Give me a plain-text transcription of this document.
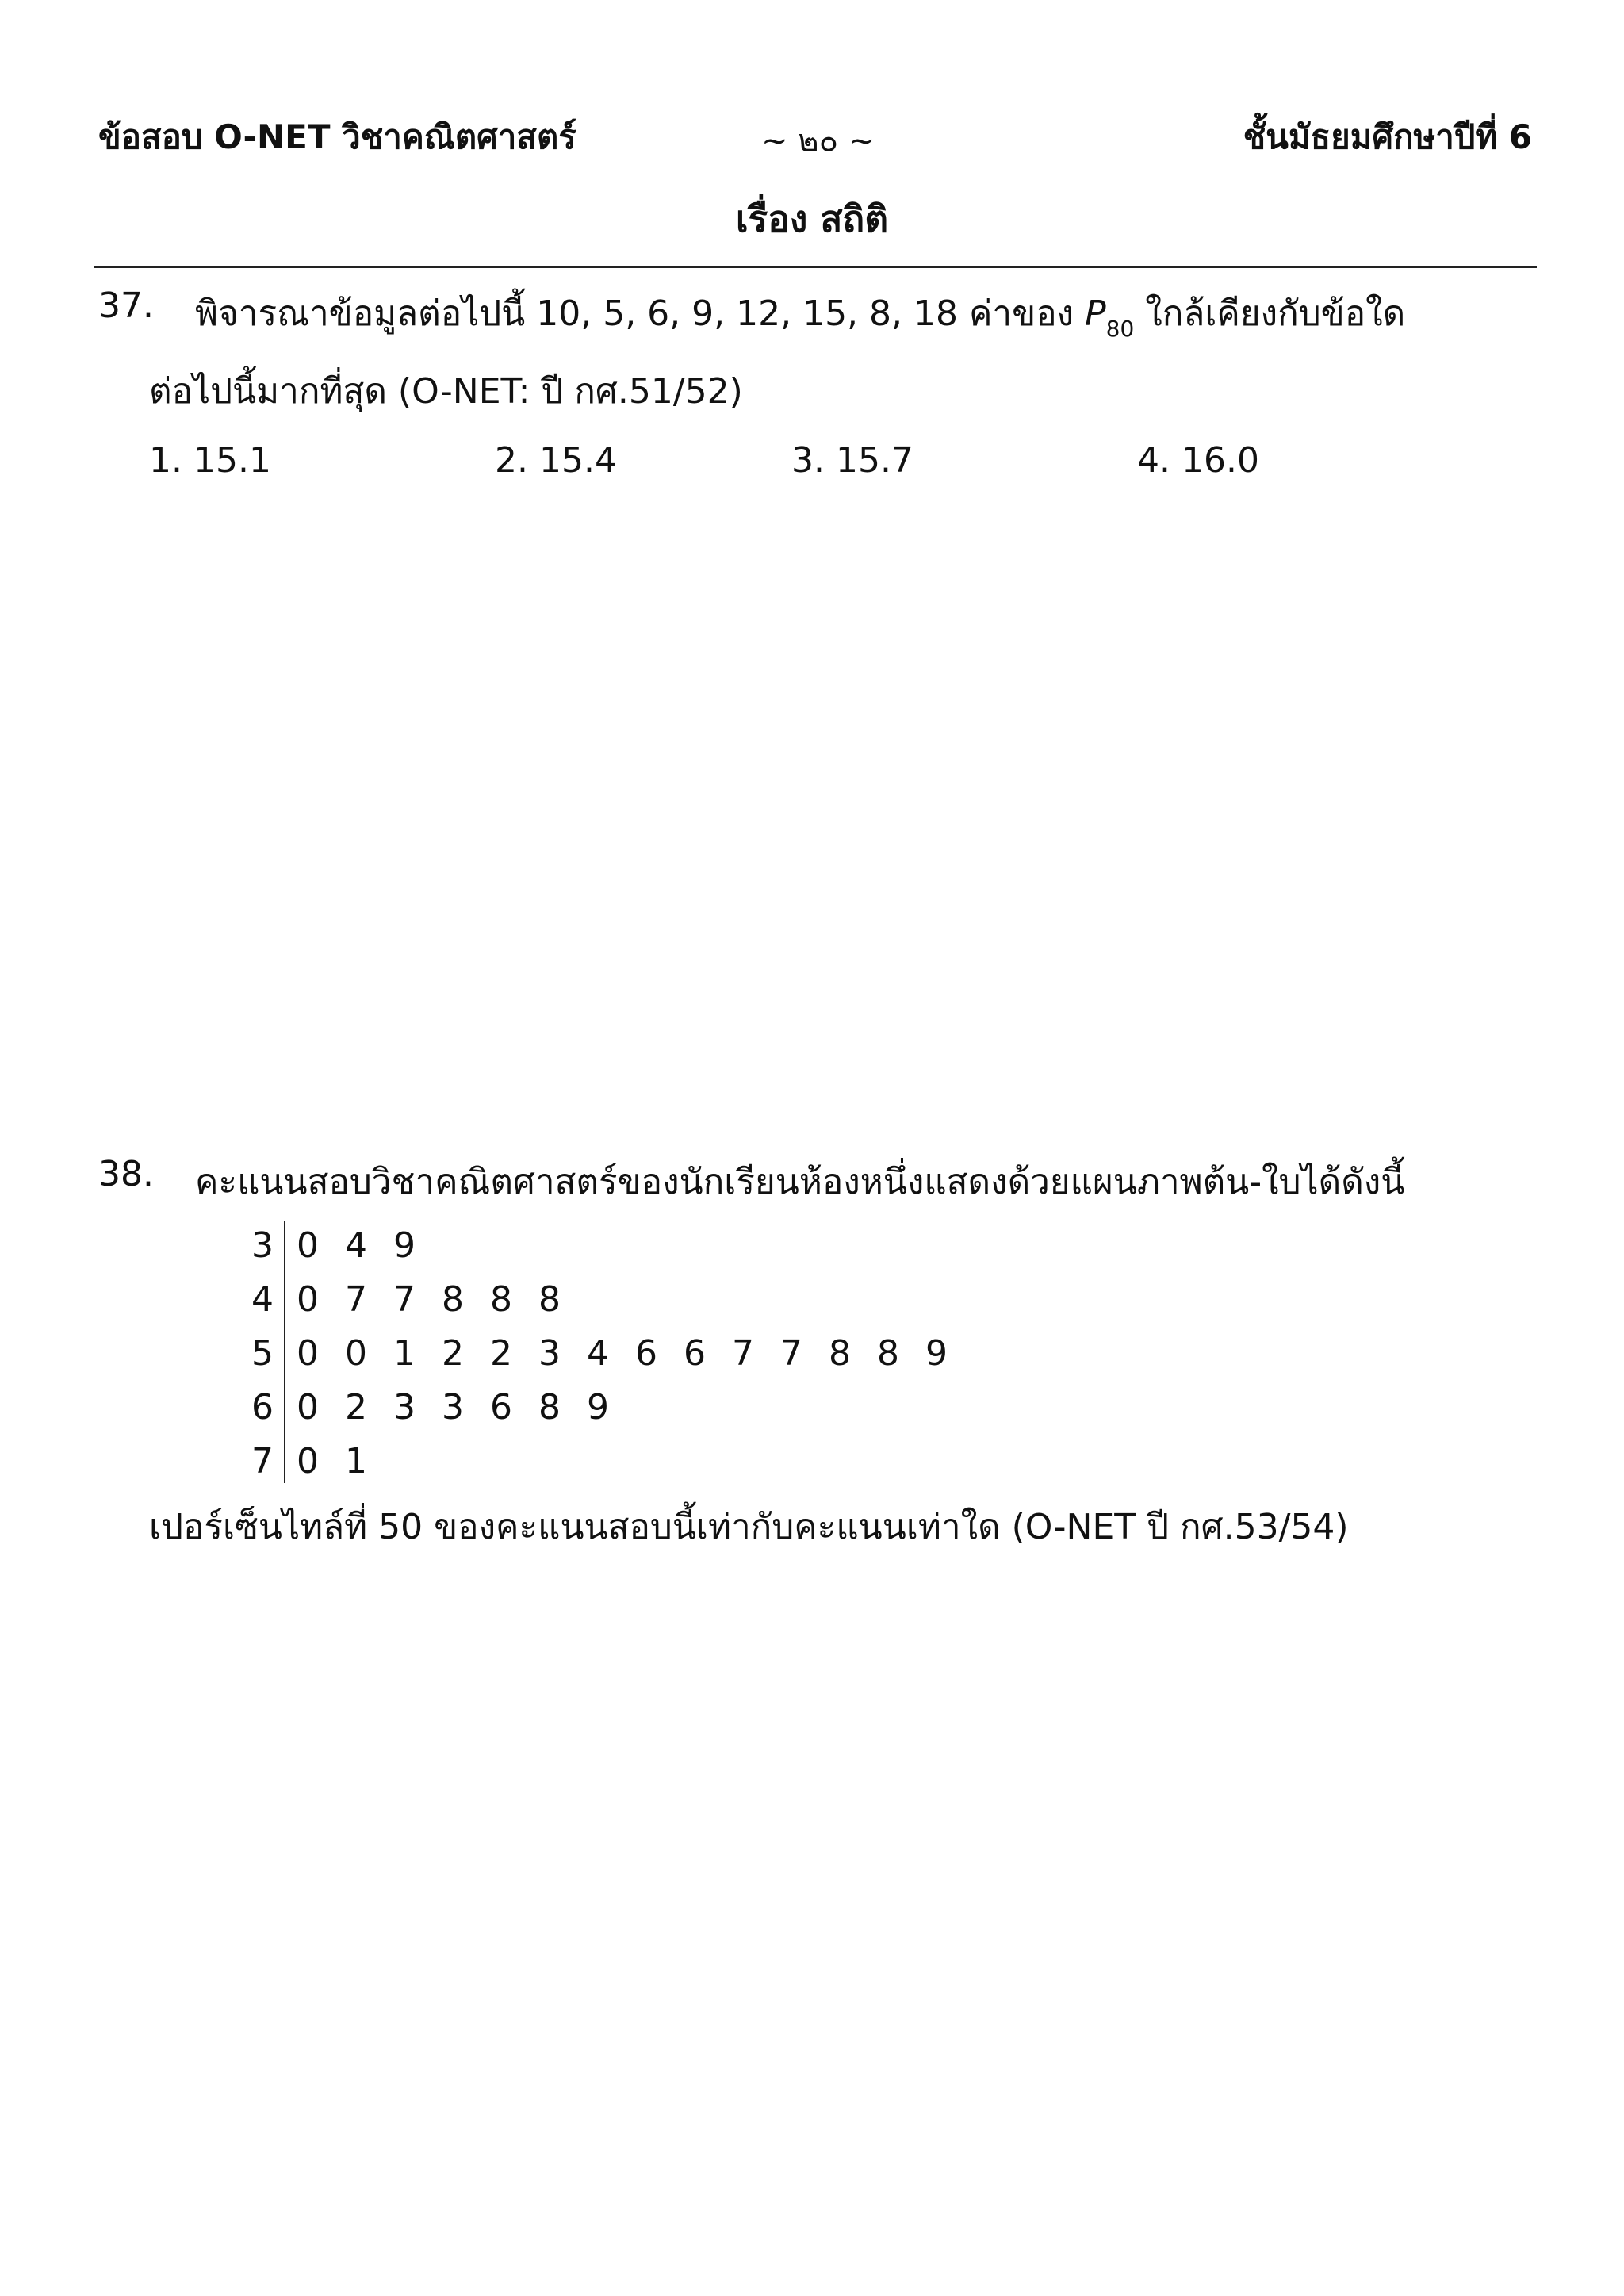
ข้อสอบ O-NET วิชาคณิตศาสตร์	~ ๒๐ ~	ชั้นมัธยมศึกษาปีที่ 6
เรื่อง สถิติ
37. พิจารณาข้อมูลต่อไปนี้ 10, 5, 6, 9, 12, 15, 8, 18 ค่าของ $P_{80}$ ใกล้เคียงกับข้อใด
ต่อไปนี้มากที่สุด (O-NET: ปี กศ.51/52)
1. 15.1	2. 15.4	3. 15.7	4. 16.0
38. คะแนนสอบวิชาคณิตศาสตร์ของนักเรียนห้องหนึ่งแสดงด้วยแผนภาพต้น-ใบได้ดังนี้
3 0 4 9
4 0 7 7 8 8 8
5 0 0 1 2 2 3 4 6 6 7 7 8 8 9
6 0 2 3 3 6 8 9
7 0 1
เปอร์เซ็นไทล์ที่ 50 ของคะแนนสอบนี้เท่ากับคะแนนเท่าใด (O-NET ปี กศ.53/54)
